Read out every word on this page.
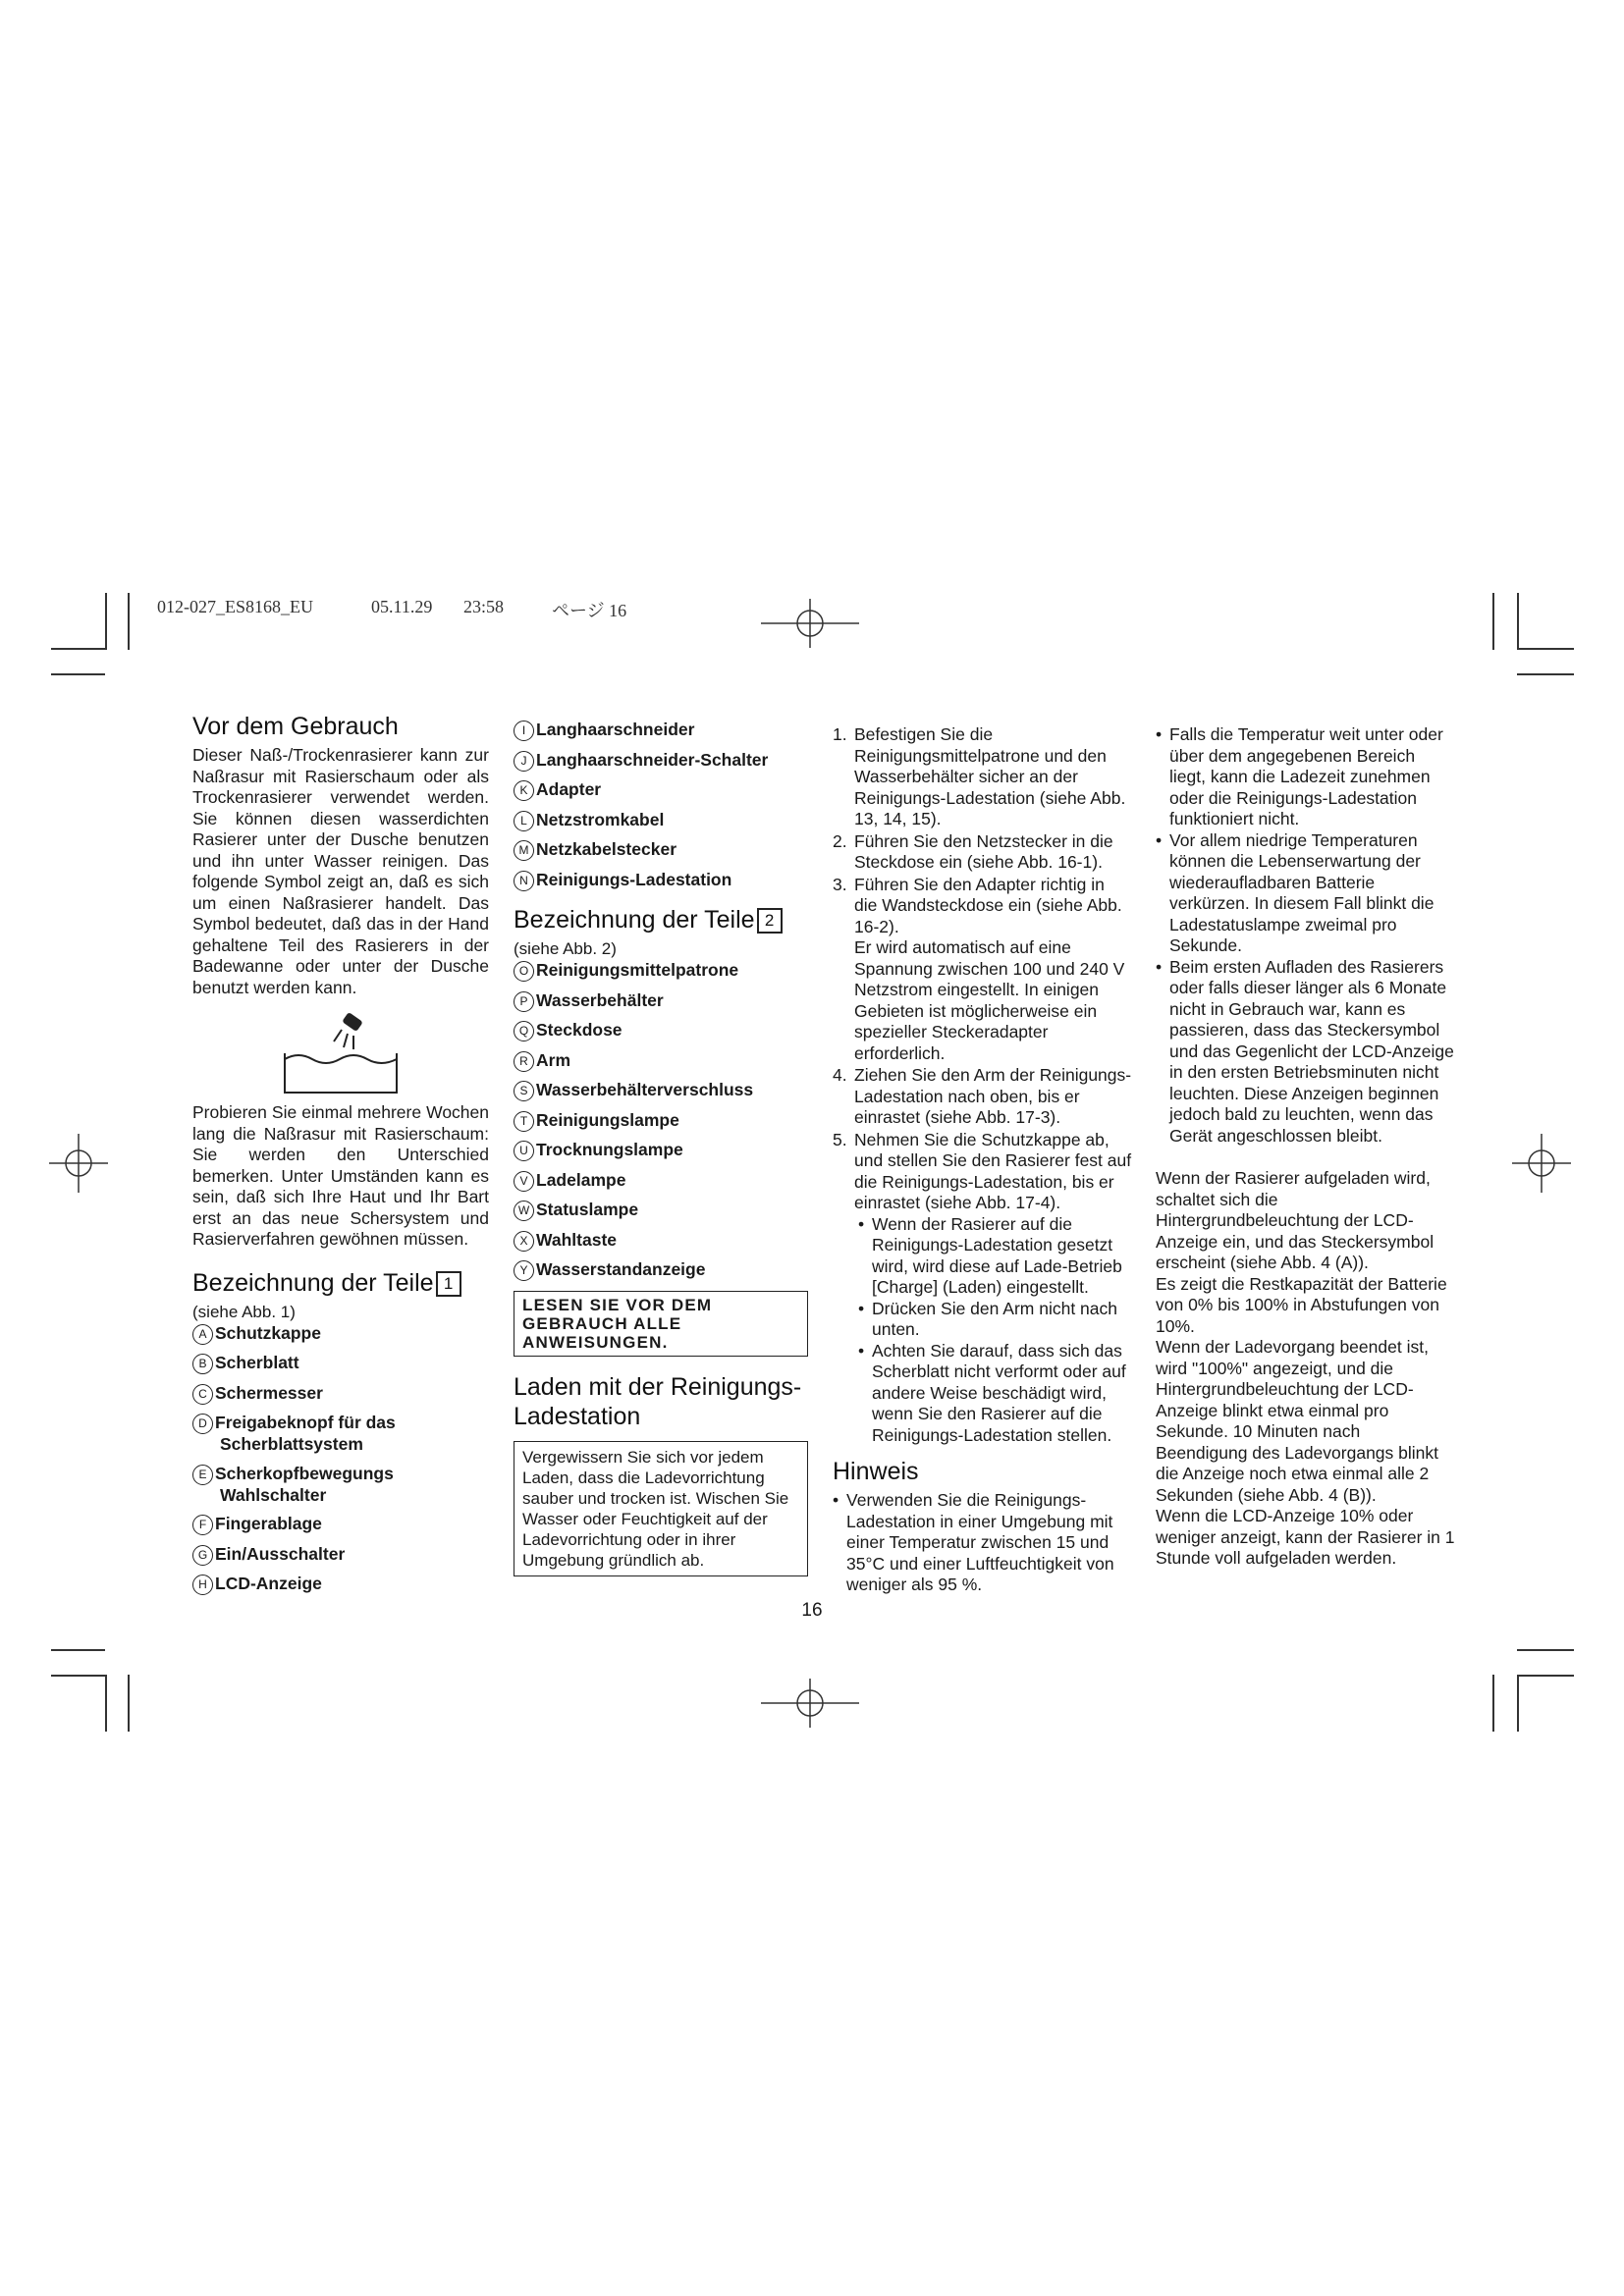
012-027_ES8168_EU	05.11.29 23:58	ページ 16
Vor dem Gebrauch

Dieser Naß-/Trockenrasierer kann zur Naßrasur mit Rasierschaum oder als Trockenrasierer verwendet werden. Sie können diesen wasserdichten Rasierer unter der Dusche benutzen und ihn unter Wasser reinigen. Das folgende Symbol zeigt an, daß es sich um einen Naßrasierer handelt. Das Symbol bedeutet, daß das in der Hand gehaltene Teil des Rasierers in der Badewanne oder unter der Dusche benutzt werden kann.

Probieren Sie einmal mehrere Wochen lang die Naßrasur mit Rasierschaum: Sie werden den Unterschied bemerken. Unter Umständen kann es sein, daß sich Ihre Haut und Ihr Bart erst an das neue Schersystem und Rasierverfahren gewöhnen müssen.

Bezeichnung der Teile 1

(siehe Abb. 1)

A Schutzkappe
B Scherblatt
C Schermesser
D Freigabeknopf für das Scherblattsystem
E Scherkopfbewegungs Wahlschalter
F Fingerablage
G Ein/Ausschalter
H LCD-Anzeige
I Langhaarschneider
J Langhaarschneider-Schalter
K Adapter
L Netzstromkabel
M Netzkabelstecker
N Reinigungs-Ladestation
Bezeichnung der Teile 2

(siehe Abb. 2)

O Reinigungsmittelpatrone
P Wasserbehälter
Q Steckdose
R Arm
S Wasserbehälterverschluss
T Reinigungslampe
U Trocknungslampe
V Ladelampe
W Statuslampe
X Wahltaste
Y Wasserstandanzeige
LESEN SIE VOR DEM GEBRAUCH ALLE ANWEISUNGEN.
Laden mit der Reinigungs-Ladestation
Vergewissern Sie sich vor jedem Laden, dass die Ladevorrichtung sauber und trocken ist. Wischen Sie Wasser oder Feuchtigkeit auf der Ladevorrichtung oder in ihrer Umgebung gründlich ab.
1. Befestigen Sie die Reinigungsmittelpatrone und den Wasserbehälter sicher an der Reinigungs-Ladestation (siehe Abb. 13, 14, 15).
2. Führen Sie den Netzstecker in die Steckdose ein (siehe Abb. 16-1).
3. Führen Sie den Adapter richtig in die Wandsteckdose ein (siehe Abb. 16-2).
Er wird automatisch auf eine Spannung zwischen 100 und 240 V Netzstrom eingestellt. In einigen Gebieten ist möglicherweise ein spezieller Steckeradapter erforderlich.
4. Ziehen Sie den Arm der Reinigungs-Ladestation nach oben, bis er einrastet (siehe Abb. 17-3).
5. Nehmen Sie die Schutzkappe ab, und stellen Sie den Rasierer fest auf die Reinigungs-Ladestation, bis er einrastet (siehe Abb. 17-4).
• Wenn der Rasierer auf die Reinigungs-Ladestation gesetzt wird, wird diese auf Lade-Betrieb [Charge] (Laden) eingestellt.
• Drücken Sie den Arm nicht nach unten.
• Achten Sie darauf, dass sich das Scherblatt nicht verformt oder auf andere Weise beschädigt wird, wenn Sie den Rasierer auf die Reinigungs-Ladestation stellen.
Hinweis
• Verwenden Sie die Reinigungs-Ladestation in einer Umgebung mit einer Temperatur zwischen 15 und 35°C und einer Luftfeuchtigkeit von weniger als 95 %.
• Falls die Temperatur weit unter oder über dem angegebenen Bereich liegt, kann die Ladezeit zunehmen oder die Reinigungs-Ladestation funktioniert nicht.
• Vor allem niedrige Temperaturen können die Lebenserwartung der wiederaufladbaren Batterie verkürzen. In diesem Fall blinkt die Ladestatuslampe zweimal pro Sekunde.
• Beim ersten Aufladen des Rasierers oder falls dieser länger als 6 Monate nicht in Gebrauch war, kann es passieren, dass das Steckersymbol und das Gegenlicht der LCD-Anzeige in den ersten Betriebsminuten nicht leuchten. Diese Anzeigen beginnen jedoch bald zu leuchten, wenn das Gerät angeschlossen bleibt.

Wenn der Rasierer aufgeladen wird, schaltet sich die Hintergrundbeleuchtung der LCD-Anzeige ein, und das Steckersymbol erscheint (siehe Abb. 4 (A)).

Es zeigt die Restkapazität der Batterie von 0% bis 100% in Abstufungen von 10%.

Wenn der Ladevorgang beendet ist, wird "100%" angezeigt, und die Hintergrundbeleuchtung der LCD-Anzeige blinkt etwa einmal pro Sekunde. 10 Minuten nach Beendigung des Ladevorgangs blinkt die Anzeige noch etwa einmal alle 2 Sekunden (siehe Abb. 4 (B)).

Wenn die LCD-Anzeige 10% oder weniger anzeigt, kann der Rasierer in 1 Stunde voll aufgeladen werden.

16
